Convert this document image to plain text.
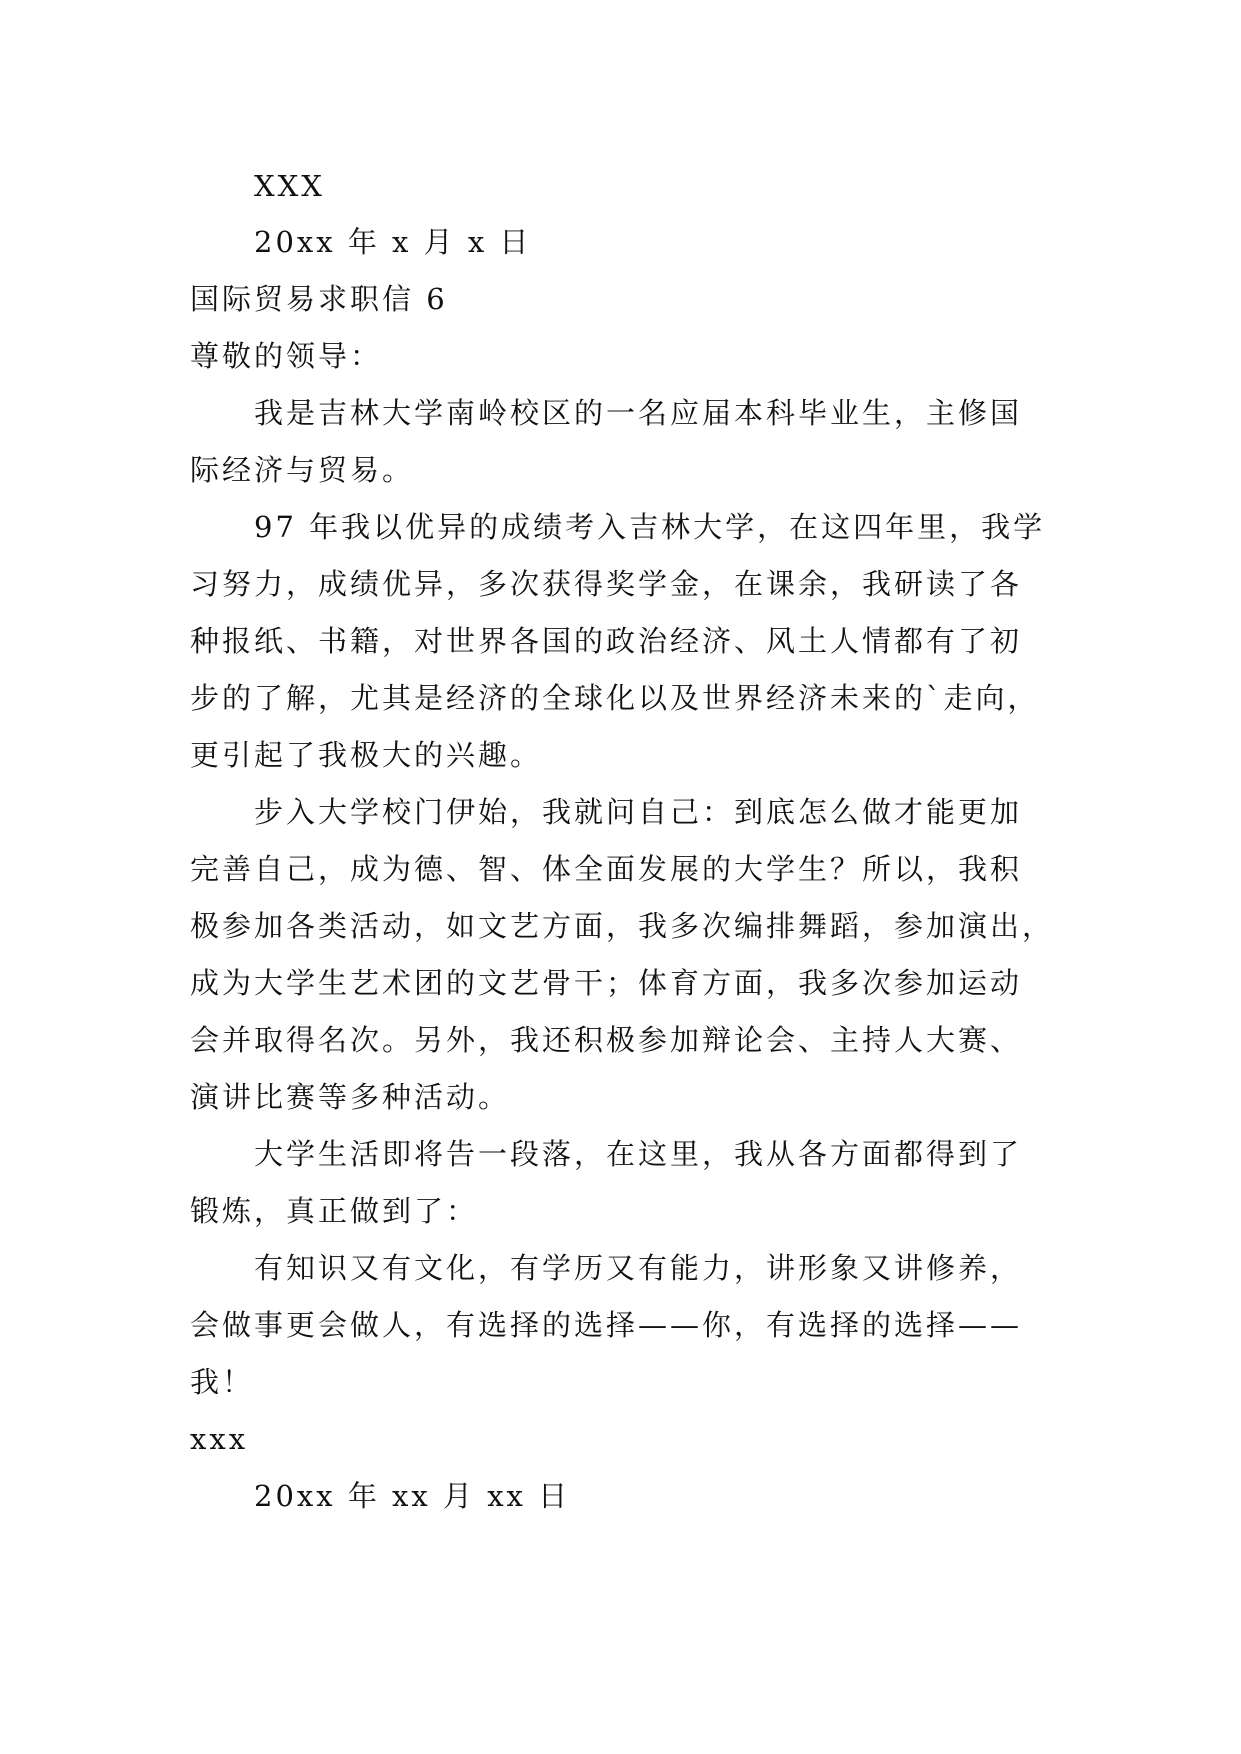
XXX
20xx 年 x 月 x 日
国际贸易求职信 6
尊敬的领导：
我是吉林大学南岭校区的一名应届本科毕业生，主修国
际经济与贸易。
97 年我以优异的成绩考入吉林大学，在这四年里，我学
习努力，成绩优异，多次获得奖学金，在课余，我研读了各
种报纸、书籍，对世界各国的政治经济、风土人情都有了初
步的了解，尤其是经济的全球化以及世界经济未来的`走向，
更引起了我极大的兴趣。
步入大学校门伊始，我就问自己：到底怎么做才能更加
完善自己，成为德、智、体全面发展的大学生？所以，我积
极参加各类活动，如文艺方面，我多次编排舞蹈，参加演出，
成为大学生艺术团的文艺骨干；体育方面，我多次参加运动
会并取得名次。另外，我还积极参加辩论会、主持人大赛、
演讲比赛等多种活动。
大学生活即将告一段落，在这里，我从各方面都得到了
锻炼，真正做到了：
有知识又有文化，有学历又有能力，讲形象又讲修养，
会做事更会做人，有选择的选择——你，有选择的选择——
我！
xxx
20xx 年 xx 月 xx 日
